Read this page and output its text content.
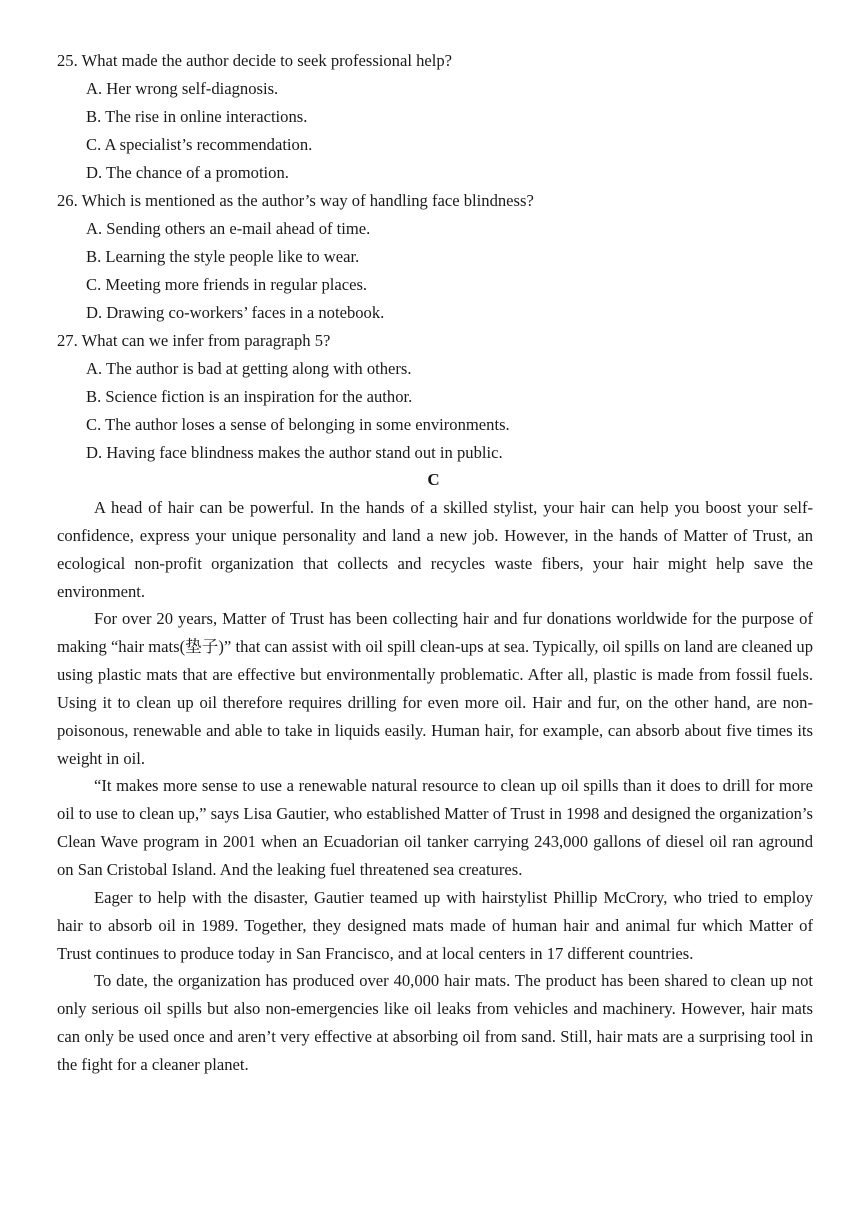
25. What made the author decide to seek professional help?
A. Her wrong self-diagnosis.
B. The rise in online interactions.
C. A specialist’s recommendation.
D. The chance of a promotion.
26. Which is mentioned as the author’s way of handling face blindness?
A. Sending others an e-mail ahead of time.
B. Learning the style people like to wear.
C. Meeting more friends in regular places.
D. Drawing co-workers’ faces in a notebook.
27. What can we infer from paragraph 5?
A. The author is bad at getting along with others.
B. Science fiction is an inspiration for the author.
C. The author loses a sense of belonging in some environments.
D. Having face blindness makes the author stand out in public.
C

A head of hair can be powerful. In the hands of a skilled stylist, your hair can help you boost your self-confidence, express your unique personality and land a new job. However, in the hands of Matter of Trust, an ecological non-profit organization that collects and recycles waste fibers, your hair might help save the environment.

For over 20 years, Matter of Trust has been collecting hair and fur donations worldwide for the purpose of making “hair mats(垫子)” that can assist with oil spill clean-ups at sea. Typically, oil spills on land are cleaned up using plastic mats that are effective but environmentally problematic. After all, plastic is made from fossil fuels. Using it to clean up oil therefore requires drilling for even more oil. Hair and fur, on the other hand, are non-poisonous, renewable and able to take in liquids easily. Human hair, for example, can absorb about five times its weight in oil.

“It makes more sense to use a renewable natural resource to clean up oil spills than it does to drill for more oil to use to clean up,” says Lisa Gautier, who established Matter of Trust in 1998 and designed the organization’s Clean Wave program in 2001 when an Ecuadorian oil tanker carrying 243,000 gallons of diesel oil ran aground on San Cristobal Island. And the leaking fuel threatened sea creatures.

Eager to help with the disaster, Gautier teamed up with hairstylist Phillip McCrory, who tried to employ hair to absorb oil in 1989. Together, they designed mats made of human hair and animal fur which Matter of Trust continues to produce today in San Francisco, and at local centers in 17 different countries.

To date, the organization has produced over 40,000 hair mats. The product has been shared to clean up not only serious oil spills but also non-emergencies like oil leaks from vehicles and machinery. However, hair mats can only be used once and aren’t very effective at absorbing oil from sand. Still, hair mats are a surprising tool in the fight for a cleaner planet.
